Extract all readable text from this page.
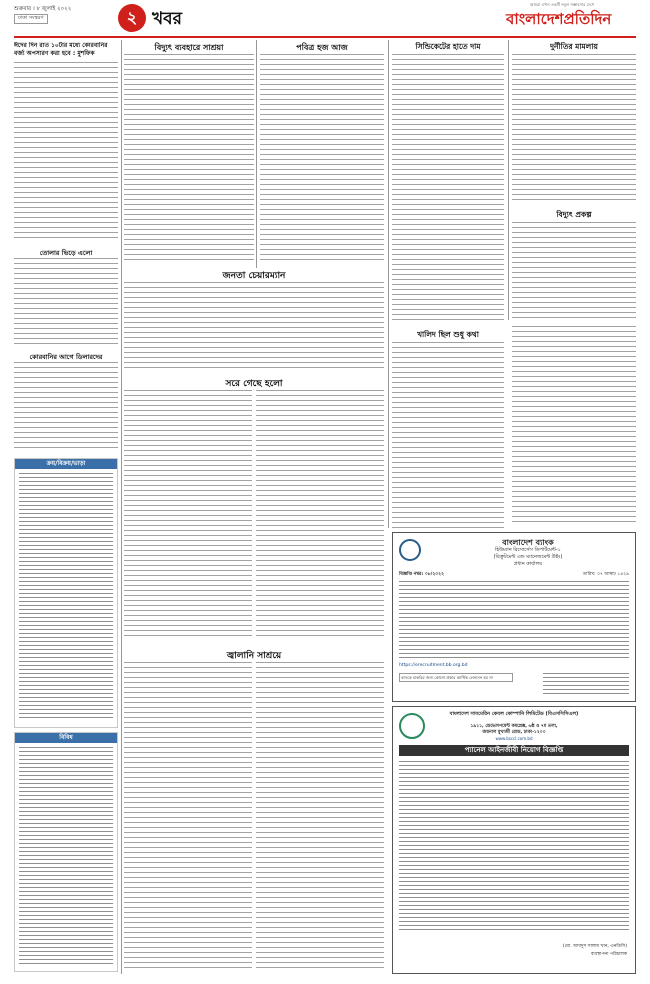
শুক্রবার । ৮ জুলাই ২০২২
ঢাকা সংস্করণ	২ খবর
আমরা এখন একটি নতুন সম্ভাবনার দেশে
বাংলাদেশপ্রতিদিন
ঈদের দিন রাত ১০টার মধ্যে কোরবানির বর্জ্য অপসারণ করা হবে : মুশফিক
তোলার ভিড়ে এলো
কোরবানির আগে ডিলারদের
ক্রয়/বিক্রয়/ভাড়া
বিবিধ
বিদ্যুৎ ব্যবহারে সাশ্রয়া
জনতা চেয়ারম্যান
সরে গেছে হলো
জ্বালানি সাশ্রয়ে
পবিত্র হজ আজ	সিন্ডিকেটের হাতে দাম
খালিদ ছিল শুধু কথা
দুর্নীতির মামলায়
বিদ্যুৎ প্রকল্প
বাংলাদেশ ব্যাংক
হিউম্যান রিসোর্সেস ডিপার্টমেন্ট-১
(রিক্রুটমেন্ট এন্ড ম্যানেজমেন্ট উইং)
প্রধান কার্যালয়
বিজ্ঞপ্তি নম্বর: ০৮/২০২২	তারিখ: ০৭ আষাঢ় ১৪২৯
https://erecruitment.bb.org.bd
ব্যাংকে চাকরির জন্য কোনো প্রকার আর্থিক লেনদেন হয় না
বাংলাদেশ সাবমেরিন কেবল কোম্পানি লিমিটেড (বিএসসিসিএল)
১৯১১, ডেভেলপমেন্ট কমপ্লেক্স, ৬ষ্ঠ ও ৭ম তলা,
জয়নাল মুখার্জী রোড, ঢাকা-১২০০
www.bsccl.com.bd
প্যানেল আইনজীবী নিয়োগ বিজ্ঞপ্তি
(মো. আবদুস সালাম খান, এনডিসি)
ব্যবস্থাপনা পরিচালক
